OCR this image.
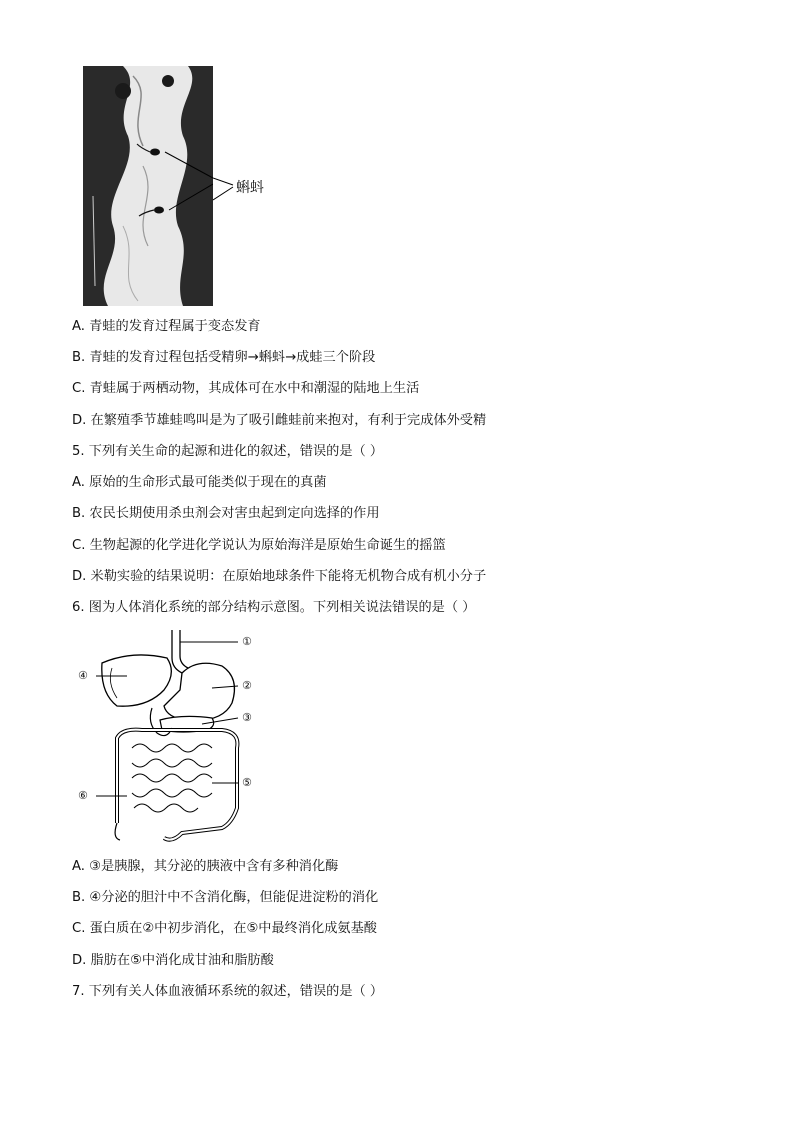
蝌蚪
A. 青蛙的发育过程属于变态发育
B. 青蛙的发育过程包括受精卵→蝌蚪→成蛙三个阶段
C. 青蛙属于两栖动物，其成体可在水中和潮湿的陆地上生活
D. 在繁殖季节雄蛙鸣叫是为了吸引雌蛙前来抱对，有利于完成体外受精
5. 下列有关生命的起源和进化的叙述，错误的是（ ）
A. 原始的生命形式最可能类似于现在的真菌
B. 农民长期使用杀虫剂会对害虫起到定向选择的作用
C. 生物起源的化学进化学说认为原始海洋是原始生命诞生的摇篮
D. 米勒实验的结果说明：在原始地球条件下能将无机物合成有机小分子
6. 图为人体消化系统的部分结构示意图。下列相关说法错误的是（ ）
①
②
③
④
⑤
⑥
A. ③是胰腺，其分泌的胰液中含有多种消化酶
B. ④分泌的胆汁中不含消化酶，但能促进淀粉的消化
C. 蛋白质在②中初步消化，在⑤中最终消化成氨基酸
D. 脂肪在⑤中消化成甘油和脂肪酸
7. 下列有关人体血液循环系统的叙述，错误的是（ ）
